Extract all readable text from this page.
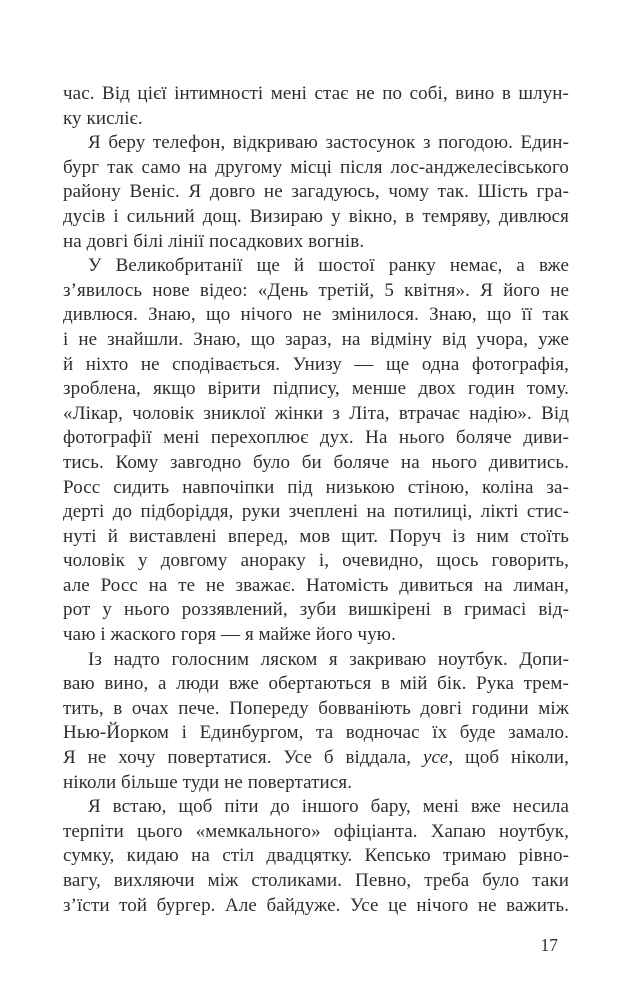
час. Від цієї інтимності мені стає не по собі, вино в шлун-
ку кисліє.
Я беру телефон, відкриваю застосунок з погодою. Един-
бург так само на другому місці після лос-анджелесівського
району Веніс. Я довго не загадуюсь, чому так. Шість гра-
дусів і сильний дощ. Визираю у вікно, в темряву, дивлюся
на довгі білі лінії посадкових вогнів.
У Великобританії ще й шостої ранку немає, а вже
з’явилось нове відео: «День третій, 5 квітня». Я його не
дивлюся. Знаю, що нічого не змінилося. Знаю, що її так
і не знайшли. Знаю, що зараз, на відміну від учора, уже
й ніхто не сподівається. Унизу — ще одна фотографія,
зроблена, якщо вірити підпису, менше двох годин тому.
«Лікар, чоловік зниклої жінки з Літа, втрачає надію». Від
фотографії мені перехоплює дух. На нього боляче диви-
тись. Кому завгодно було би боляче на нього дивитись.
Росс сидить навпочіпки під низькою стіною, коліна за-
дерті до підборіддя, руки зчеплені на потилиці, лікті стис-
нуті й виставлені вперед, мов щит. Поруч із ним стоїть
чоловік у довгому анораку і, очевидно, щось говорить,
але Росс на те не зважає. Натомість дивиться на лиман,
рот у нього роззявлений, зуби вишкірені в гримасі від-
чаю і жаского горя — я майже його чую.
Із надто голосним ляском я закриваю ноутбук. Допи-
ваю вино, а люди вже обертаються в мій бік. Рука трем-
тить, в очах пече. Попереду бовваніють довгі години між
Нью-Йорком і Единбургом, та водночас їх буде замало.
Я не хочу повертатися. Усе б віддала, усе, щоб ніколи,
ніколи більше туди не повертатися.
Я встаю, щоб піти до іншого бару, мені вже несила
терпіти цього «мемкального» офіціанта. Хапаю ноутбук,
сумку, кидаю на стіл двадцятку. Кепсько тримаю рівно-
вагу, вихляючи між столиками. Певно, треба було таки
з’їсти той бургер. Але байдуже. Усе це нічого не важить.
17
